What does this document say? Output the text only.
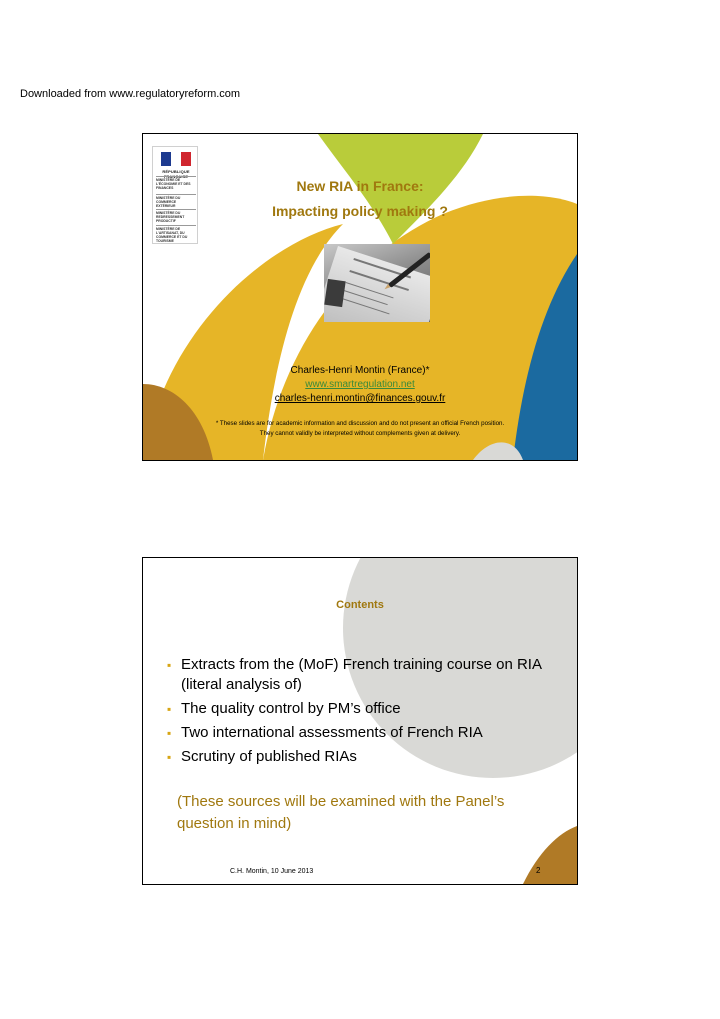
Downloaded from www.regulatoryreform.com
RÉPUBLIQUE FRANÇAISE
MINISTÈRE DE L'ÉCONOMIE ET DES FINANCES
MINISTÈRE DU COMMERCE EXTÉRIEUR
MINISTÈRE DU REDRESSEMENT PRODUCTIF
MINISTÈRE DE L'ARTISANAT, DU COMMERCE ET DU TOURISME
New RIA in France:
Impacting policy making ?
Charles-Henri Montin (France)*
www.smartregulation.net
charles-henri.montin@finances.gouv.fr
* These slides are for academic information and discussion and do not present an official French position.
They cannot validly be interpreted without complements given at delivery.
Contents
▪ Extracts from the (MoF) French training course on RIA (literal analysis of)
▪ The quality control by PM’s office
▪ Two international assessments of French RIA
▪ Scrutiny of published RIAs
(These sources will be examined with the Panel’s question in mind)
C.H. Montin, 10 June 2013	2
